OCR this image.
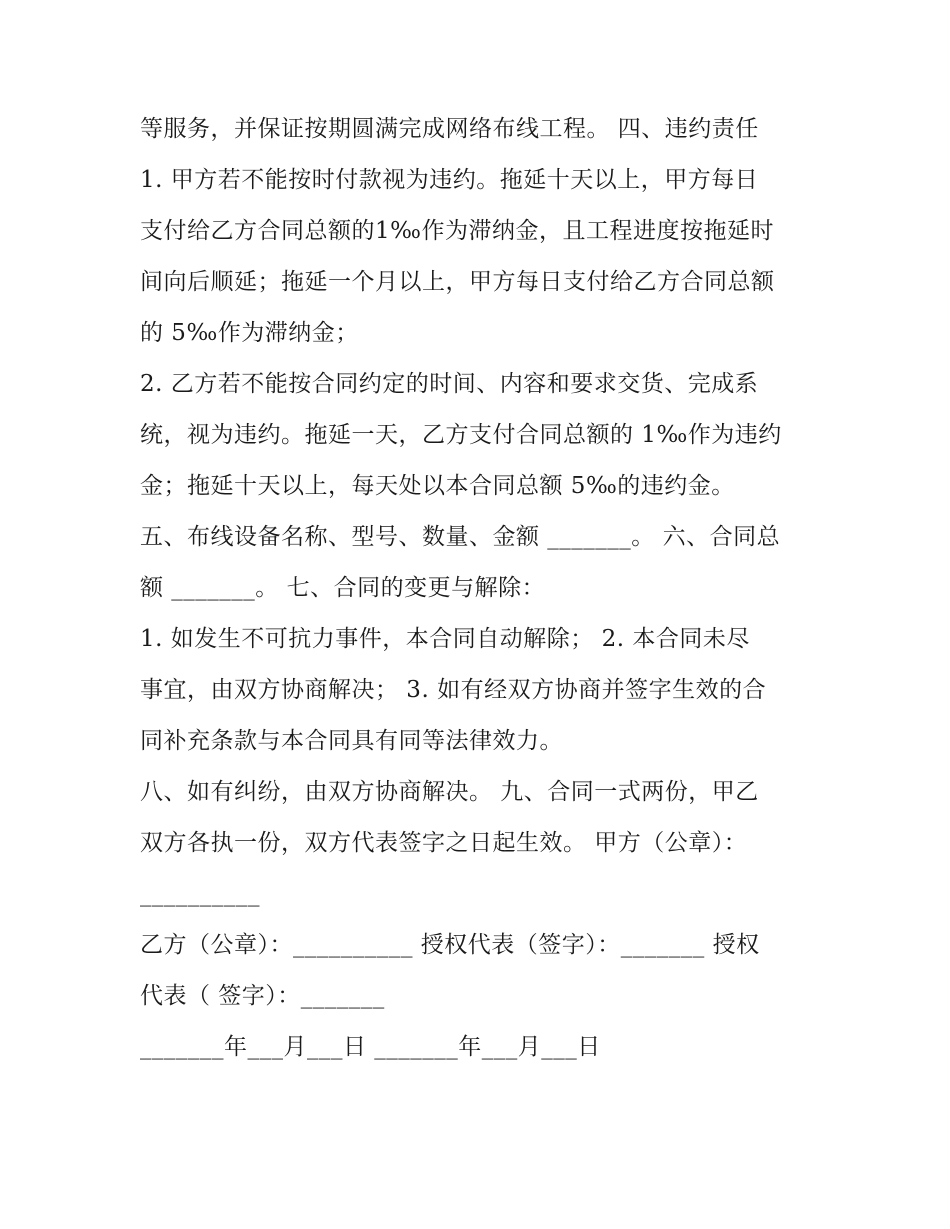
等服务，并保证按期圆满完成网络布线工程。 四、违约责任
1. 甲方若不能按时付款视为违约。拖延十天以上，甲方每日
支付给乙方合同总额的1‰作为滞纳金，且工程进度按拖延时
间向后顺延；拖延一个月以上，甲方每日支付给乙方合同总额
的 5‰作为滞纳金；
2. 乙方若不能按合同约定的时间、内容和要求交货、完成系
统，视为违约。拖延一天，乙方支付合同总额的 1‰作为违约
金；拖延十天以上，每天处以本合同总额 5‰的违约金。
五、布线设备名称、型号、数量、金额 _______。 六、合同总
额 _______。 七、合同的变更与解除：
1. 如发生不可抗力事件，本合同自动解除； 2. 本合同未尽
事宜，由双方协商解决； 3. 如有经双方协商并签字生效的合
同补充条款与本合同具有同等法律效力。
八、如有纠纷，由双方协商解决。 九、合同一式两份，甲乙
双方各执一份，双方代表签字之日起生效。 甲方（公章）：
__________
乙方（公章）：__________ 授权代表（签字）：_______ 授权
代表（ 签字）：_______
_______年___月___日 _______年___月___日
